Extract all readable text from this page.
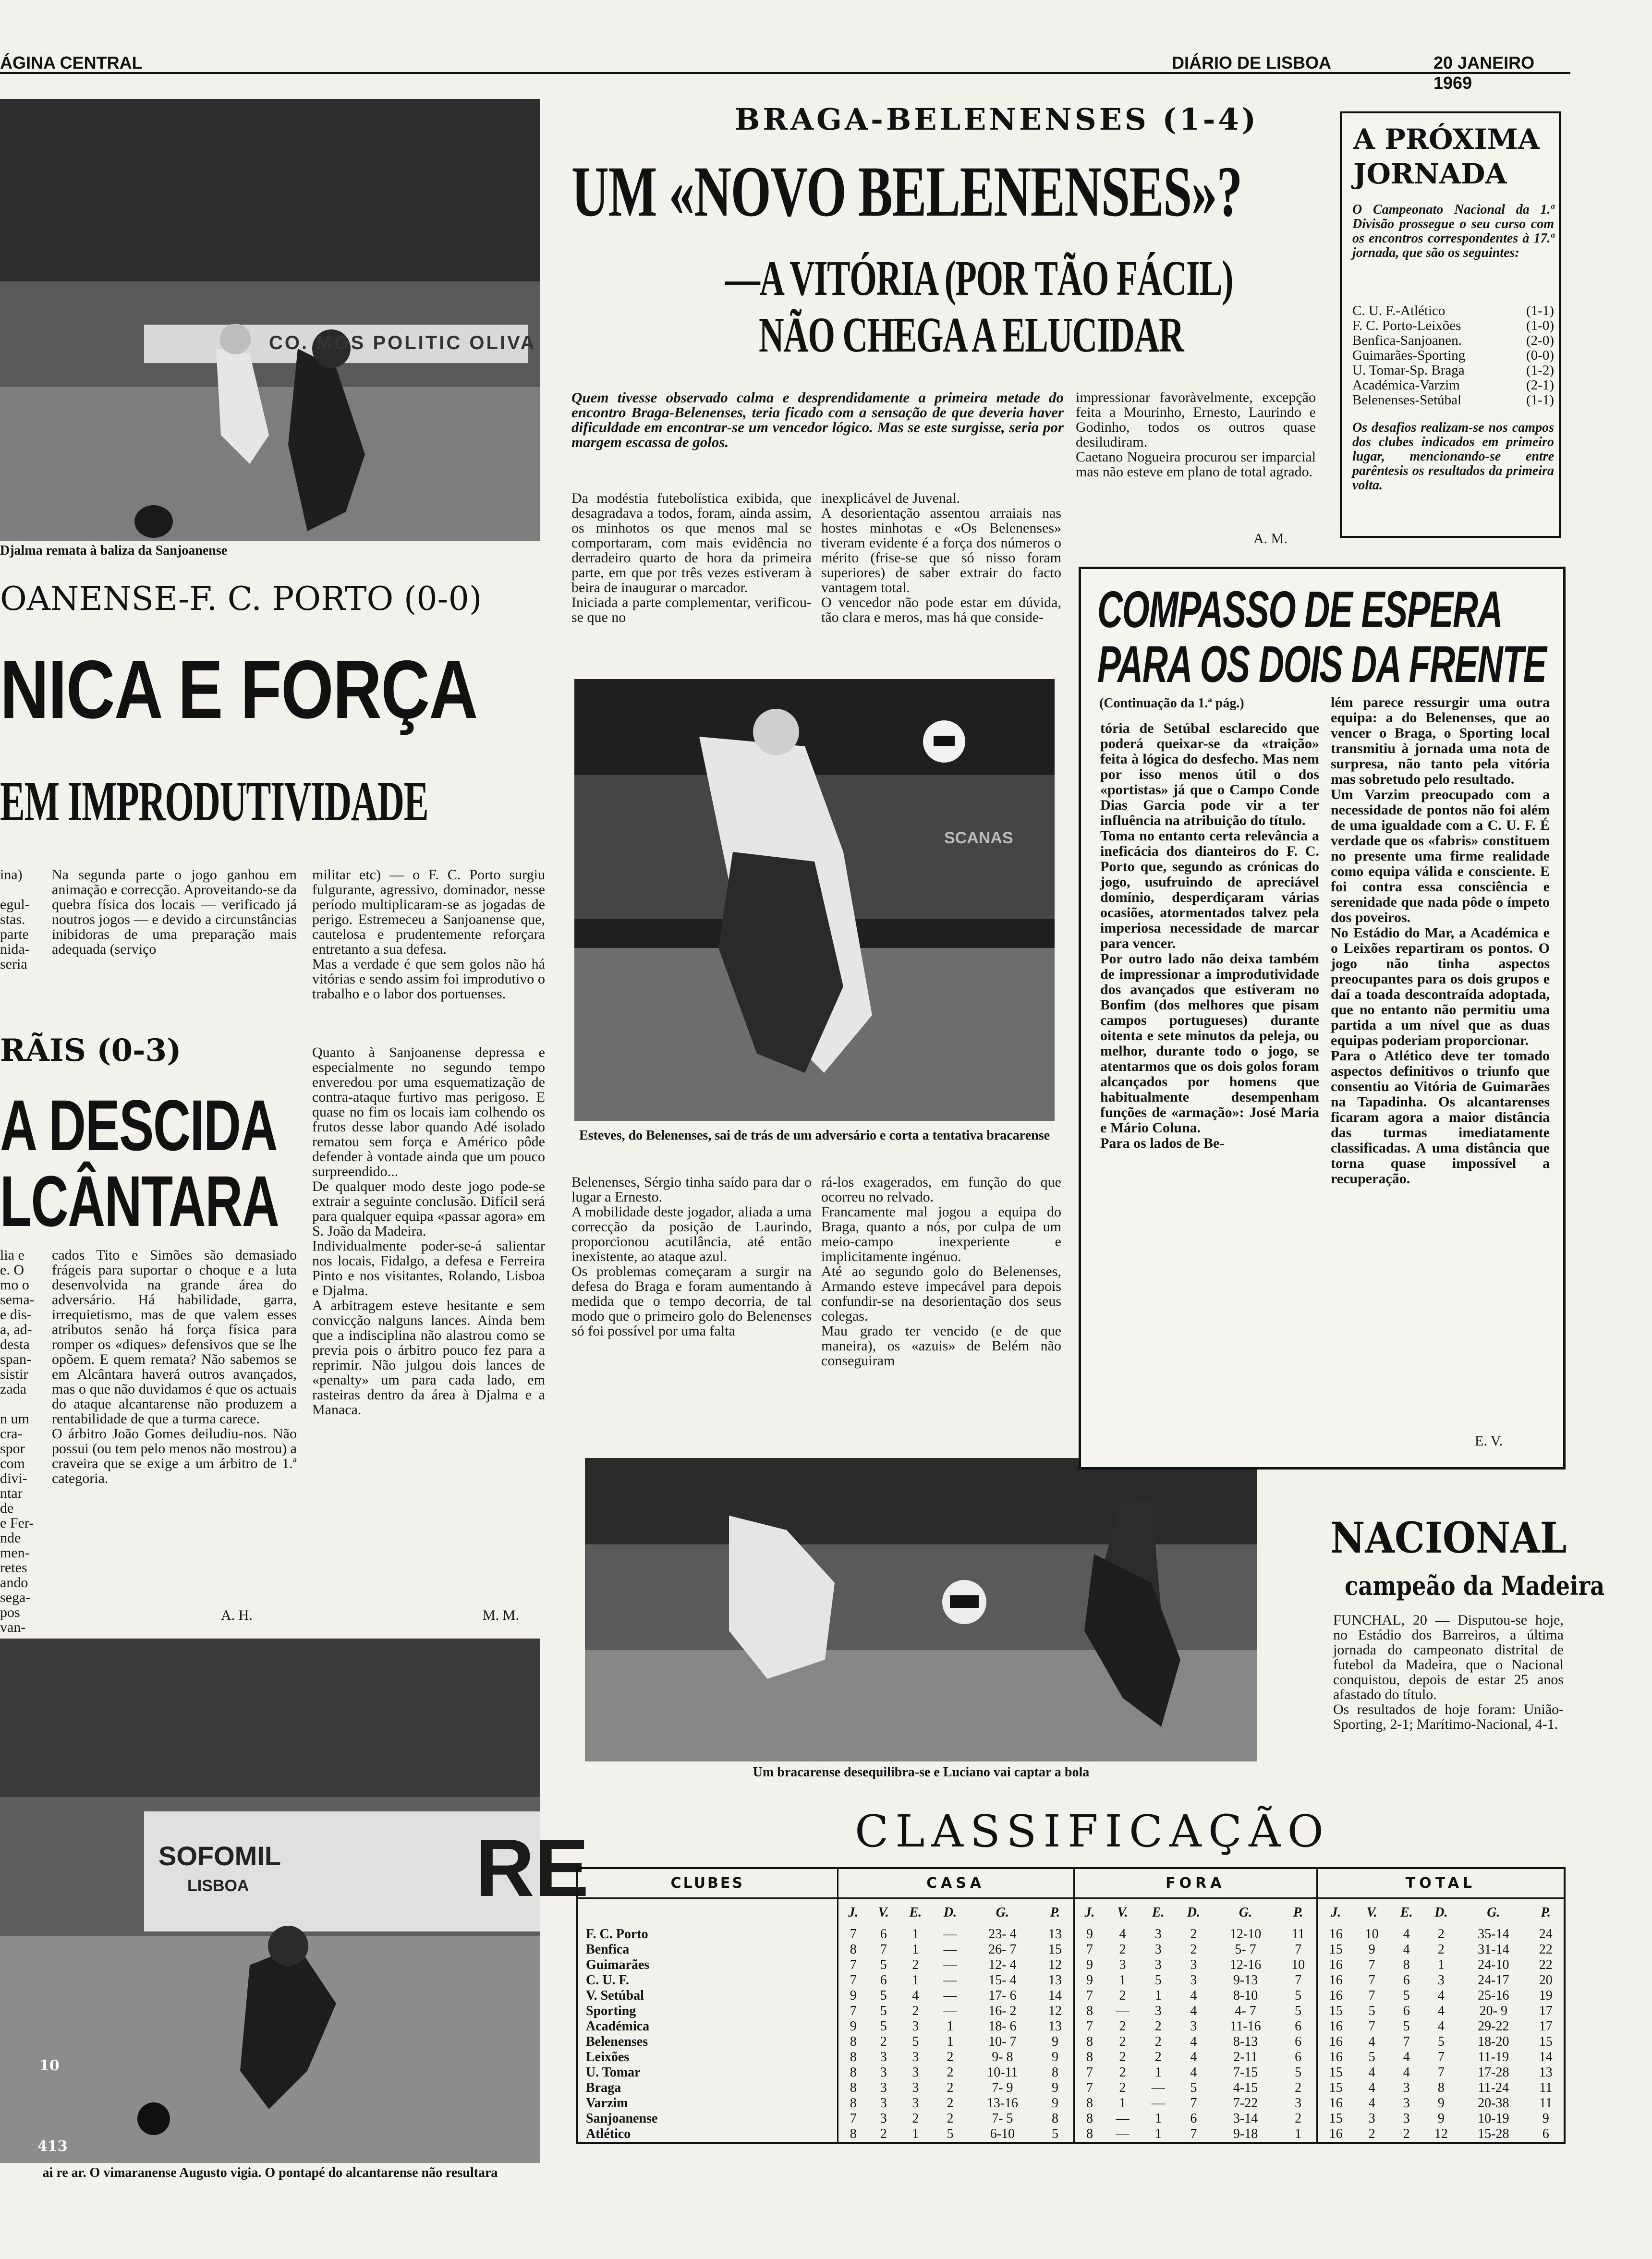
ÁGINA CENTRAL	DIÁRIO DE LISBOA	20 JANEIRO 1969
CO. MOS POLITIC OLIVA
Djalma remata à baliza da Sanjoanense
OANENSE-F. C. PORTO (0-0)
NICA E FORÇA
EM IMPRODUTIVIDADE
ina)

egul-
stas.
parte
nida-
seria
Na segunda parte o jogo ganhou em animação e correcção. Aproveitando-se da quebra física dos locais — verificado já noutros jogos — e devido a circunstâncias inibidoras de uma preparação mais adequada (serviço
militar etc) — o F. C. Porto surgiu fulgurante, agressivo, dominador, nesse período multiplicaram-se as jogadas de perigo. Estremeceu a Sanjoanense que, cautelosa e prudentemente reforçara entretanto a sua defesa.
Mas a verdade é que sem golos não há vitórias e sendo assim foi improdutivo o trabalho e o labor dos portuenses.
RÃIS (0-3)
A DESCIDA
LCÂNTARA
lia e
e. O
mo o
sema-
e dis-
a, ad-
desta
span-
sistir
zada

n um
cra-
spor
com
divi-
ntar
de
e Fer-
nde
men-
retes
ando
sega-
pos
van-
cados Tito e Simões são demasiado frágeis para suportar o choque e a luta desenvolvida na grande área do adversário. Há habilidade, garra, irrequietismo, mas de que valem esses atributos senão há força física para romper os «diques» defensivos que se lhe opõem. E quem remata? Não sabemos se em Alcântara haverá outros avançados, mas o que não duvidamos é que os actuais do ataque alcantarense não produzem a rentabilidade de que a turma carece.
O árbitro João Gomes deiludiu-nos. Não possui (ou tem pelo menos não mostrou) a craveira que se exige a um árbitro de 1.ª categoria.
Quanto à Sanjoanense depressa e especialmente no segundo tempo enveredou por uma esquematização de contra-ataque furtivo mas perigoso. E quase no fim os locais iam colhendo os frutos desse labor quando Adé isolado rematou sem força e Américo pôde defender à vontade ainda que um pouco surpreendido...
De qualquer modo deste jogo pode-se extrair a seguinte conclusão. Difícil será para qualquer equipa «passar agora» em S. João da Madeira.
Individualmente poder-se-á salientar nos locais, Fidalgo, a defesa e Ferreira Pinto e nos visitantes, Rolando, Lisboa e Djalma.
A arbitragem esteve hesitante e sem convicção nalguns lances. Ainda bem que a indisciplina não alastrou como se previa pois o árbitro pouco fez para a reprimir. Não julgou dois lances de «penalty» um para cada lado, em rasteiras dentro da área à Djalma e a Manaca.
A. H.	M. M.
SOFOMIL
LISBOA	RE
10
413
ai re ar. O vimaranense Augusto vigia. O pontapé do alcantarense não resultara
BRAGA-BELENENSES (1-4)
UM «NOVO BELENENSES»?
—A VITÓRIA (POR TÃO FÁCIL)
NÃO CHEGA A ELUCIDAR
Quem tivesse observado calma e desprendidamente a primeira metade do encontro Braga-Belenenses, teria ficado com a sensação de que deveria haver dificuldade em encontrar-se um vencedor lógico. Mas se este surgisse, seria por margem escassa de golos.
Da modéstia futebolística exibida, que desagradava a todos, foram, ainda assim, os minhotos os que menos mal se comportaram, com mais evidência no derradeiro quarto de hora da primeira parte, em que por três vezes estiveram à beira de inaugurar o marcador.
Iniciada a parte complementar, verificou-se que no
inexplicável de Juvenal.
A desorientação assentou arraiais nas hostes minhotas e «Os Belenenses» tiveram evidente é a força dos números o mérito (frise-se que só nisso foram superiores) de saber extrair do facto vantagem total.
O vencedor não pode estar em dúvida, tão clara e meros, mas há que conside-
impressionar favoràvelmente, excepção feita a Mourinho, Ernesto, Laurindo e Godinho, todos os outros quase desiludiram.
Caetano Nogueira procurou ser imparcial mas não esteve em plano de total agrado.
A. M.
SCANAS
Esteves, do Belenenses, sai de trás de um adversário e corta a tentativa bracarense
Belenenses, Sérgio tinha saído para dar o lugar a Ernesto.
A mobilidade deste jogador, aliada a uma correcção da posição de Laurindo, proporcionou acutilância, até então inexistente, ao ataque azul.
Os problemas começaram a surgir na defesa do Braga e foram aumentando à medida que o tempo decorria, de tal modo que o primeiro golo do Belenenses só foi possível por uma falta
rá-los exagerados, em função do que ocorreu no relvado.
Francamente mal jogou a equipa do Braga, quanto a nós, por culpa de um meio-campo inexperiente e implicitamente ingénuo.
Até ao segundo golo do Belenenses, Armando esteve impecável para depois confundir-se na desorientação dos seus colegas.
Mau grado ter vencido (e de que maneira), os «azuis» de Belém não conseguiram
Um bracarense desequilibra-se e Luciano vai captar a bola
A PRÓXIMA
JORNADA
O Campeonato Nacional da 1.ª Divisão prossegue o seu curso com os encontros correspondentes à 17.ª jornada, que são os seguintes:
C. U. F.-Atlético	(1-1)
F. C. Porto-Leixões	(1-0)
Benfica-Sanjoanen.	(2-0)
Guimarães-Sporting	(0-0)
U. Tomar-Sp. Braga	(1-2)
Académica-Varzim	(2-1)
Belenenses-Setúbal	(1-1)
Os desafios realizam-se nos campos dos clubes indicados em primeiro lugar, mencionando-se entre parêntesis os resultados da primeira volta.
COMPASSO DE ESPERA
PARA OS DOIS DA FRENTE
(Continuação da 1.ª pág.)
tória de Setúbal esclarecido que poderá queixar-se da «traição» feita à lógica do desfecho. Mas nem por isso menos útil o dos «portistas» já que o Campo Conde Dias Garcia pode vir a ter influência na atribuição do título.
Toma no entanto certa relevância a ineficácia dos dianteiros do F. C. Porto que, segundo as crónicas do jogo, usufruindo de apreciável domínio, desperdiçaram várias ocasiões, atormentados talvez pela imperiosa necessidade de marcar para vencer.
Por outro lado não deixa também de impressionar a improdutividade dos avançados que estiveram no Bonfim (dos melhores que pisam campos portugueses) durante oitenta e sete minutos da peleja, ou melhor, durante todo o jogo, se atentarmos que os dois golos foram alcançados por homens que habitualmente desempenham funções de «armação»: José Maria e Mário Coluna.
Para os lados de Be-
lém parece ressurgir uma outra equipa: a do Belenenses, que ao vencer o Braga, o Sporting local transmitiu à jornada uma nota de surpresa, não tanto pela vitória mas sobretudo pelo resultado.
Um Varzim preocupado com a necessidade de pontos não foi além de uma igualdade com a C. U. F. É verdade que os «fabris» constituem no presente uma firme realidade como equipa válida e consciente. E foi contra essa consciência e serenidade que nada pôde o ímpeto dos poveiros.
No Estádio do Mar, a Académica e o Leixões repartiram os pontos. O jogo não tinha aspectos preocupantes para os dois grupos e daí a toada descontraída adoptada, que no entanto não permitiu uma partida a um nível que as duas equipas poderiam proporcionar.
Para o Atlético deve ter tomado aspectos definitivos o triunfo que consentiu ao Vitória de Guimarães na Tapadinha. Os alcantarenses ficaram agora a maior distância das turmas imediatamente classificadas. A uma distância que torna quase impossível a recuperação.
E. V.
NACIONAL
campeão da Madeira
FUNCHAL, 20 — Disputou-se hoje, no Estádio dos Barreiros, a última jornada do campeonato distrital de futebol da Madeira, que o Nacional conquistou, depois de estar 25 anos afastado do título.
Os resultados de hoje foram: União-Sporting, 2-1; Marítimo-Nacional, 4-1.
CLASSIFICAÇÃO
CLUBES	CASA						FORA						TOTAL					
	J.	V.	E.	D.	G.	P.	J.	V.	E.	D.	G.	P.	J.	V.	E.	D.	G.	P.
F. C. Porto	7	6	1	—	23- 4	13	9	4	3	2	12-10	11	16	10	4	2	35-14	24
Benfica	8	7	1	—	26- 7	15	7	2	3	2	5- 7	7	15	9	4	2	31-14	22
Guimarães	7	5	2	—	12- 4	12	9	3	3	3	12-16	10	16	7	8	1	24-10	22
C. U. F.	7	6	1	—	15- 4	13	9	1	5	3	9-13	7	16	7	6	3	24-17	20
V. Setúbal	9	5	4	—	17- 6	14	7	2	1	4	8-10	5	16	7	5	4	25-16	19
Sporting	7	5	2	—	16- 2	12	8	—	3	4	4- 7	5	15	5	6	4	20- 9	17
Académica	9	5	3	1	18- 6	13	7	2	2	3	11-16	6	16	7	5	4	29-22	17
Belenenses	8	2	5	1	10- 7	9	8	2	2	4	8-13	6	16	4	7	5	18-20	15
Leixões	8	3	3	2	9- 8	9	8	2	2	4	2-11	6	16	5	4	7	11-19	14
U. Tomar	8	3	3	2	10-11	8	7	2	1	4	7-15	5	15	4	4	7	17-28	13
Braga	8	3	3	2	7- 9	9	7	2	—	5	4-15	2	15	4	3	8	11-24	11
Varzim	8	3	3	2	13-16	9	8	1	—	7	7-22	3	16	4	3	9	20-38	11
Sanjoanense	7	3	2	2	7- 5	8	8	—	1	6	3-14	2	15	3	3	9	10-19	9
Atlético	8	2	1	5	6-10	5	8	—	1	7	9-18	1	16	2	2	12	15-28	6
